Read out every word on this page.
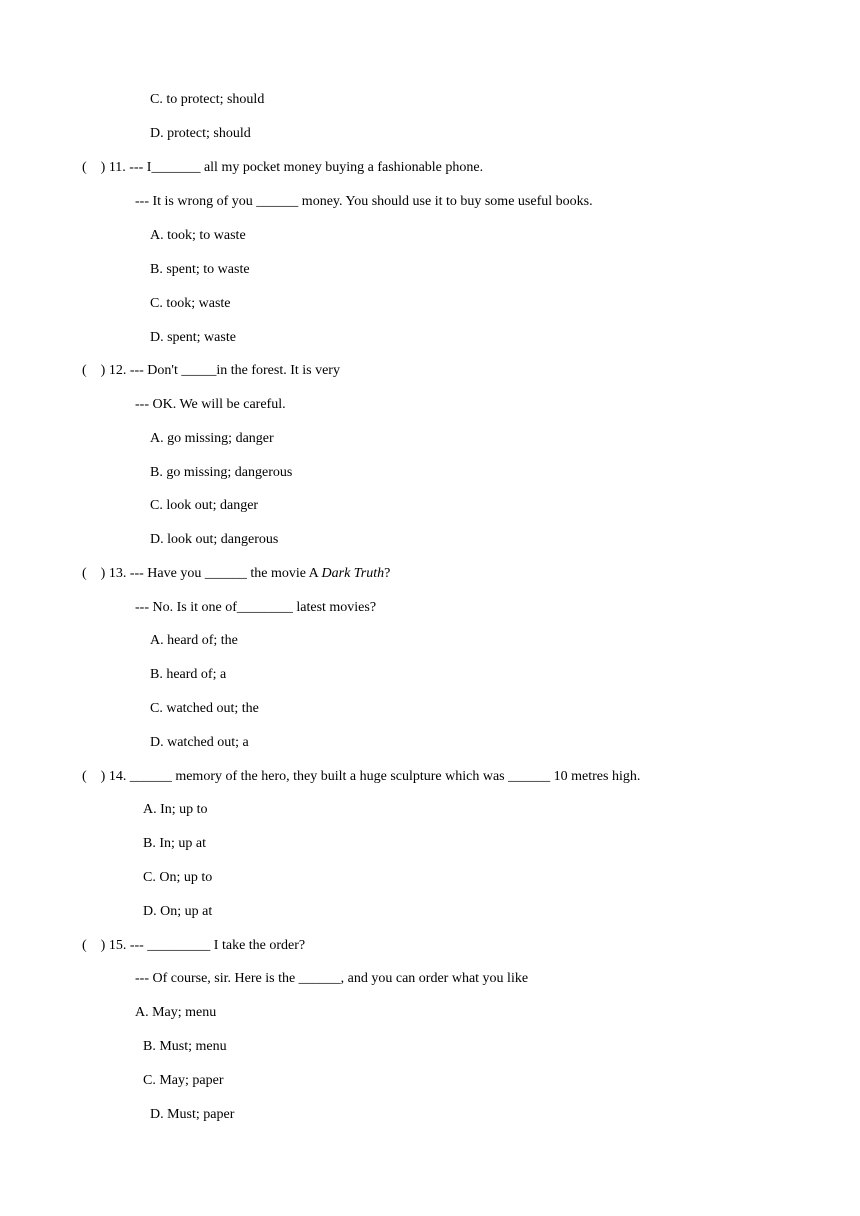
C. to protect; should
D. protect; should
(    ) 11. --- I_______ all my pocket money buying a fashionable phone.
--- It is wrong of you ______ money. You should use it to buy some useful books.
A. took; to waste
B. spent; to waste
C. took; waste
D. spent; waste
(    ) 12. --- Don't _____in the forest. It is very
--- OK. We will be careful.
A. go missing; danger
B. go missing; dangerous
C. look out; danger
D. look out; dangerous
(    ) 13. --- Have you ______ the movie A Dark Truth?
--- No. Is it one of________ latest movies?
A. heard of; the
B. heard of; a
C. watched out; the
D. watched out; a
(    ) 14. ______ memory of the hero, they built a huge sculpture which was ______ 10 metres high.
A. In; up to
B. In; up at
C. On; up to
D. On; up at
(    ) 15. --- _________ I take the order?
--- Of course, sir. Here is the ______, and you can order what you like
A. May; menu
B. Must; menu
C. May; paper
D. Must; paper
